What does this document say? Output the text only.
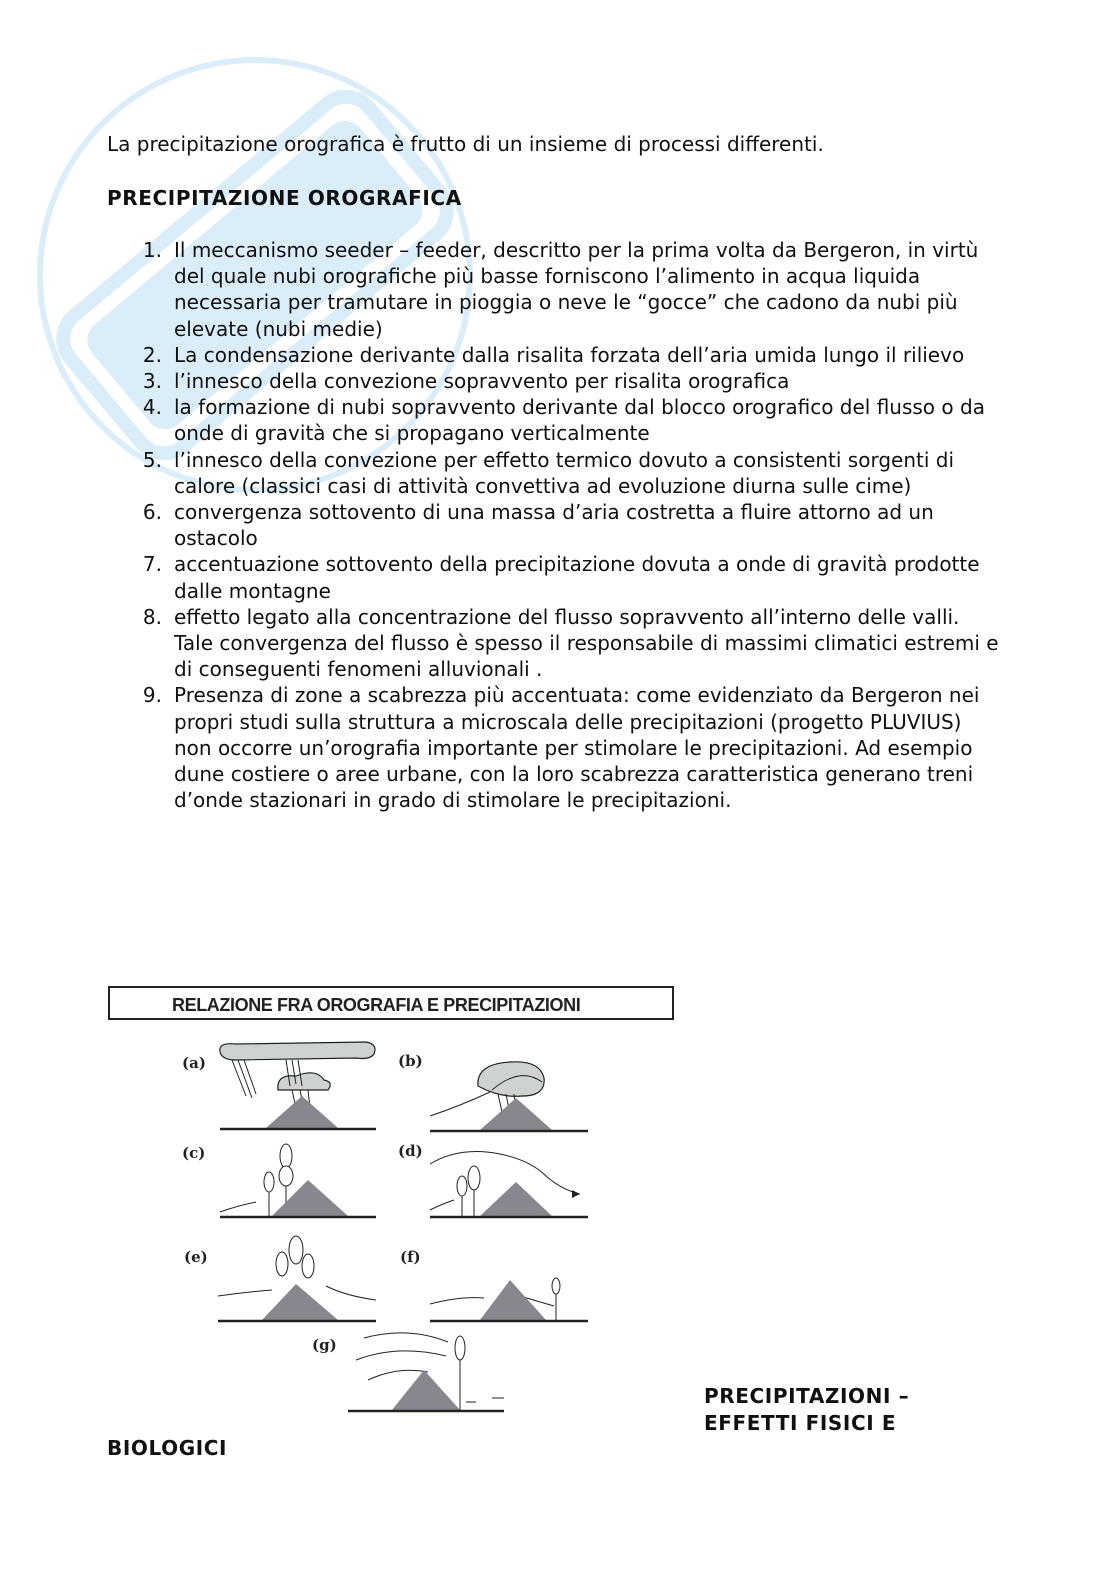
La precipitazione orografica è frutto di un insieme di processi differenti.

PRECIPITAZIONE OROGRAFICA
1. Il meccanismo seeder – feeder, descritto per la prima volta da Bergeron, in virtù del quale nubi orografiche più basse forniscono l’alimento in acqua liquida necessaria per tramutare in pioggia o neve le “gocce” che cadono da nubi più elevate (nubi medie)
2. La condensazione derivante dalla risalita forzata dell’aria umida lungo il rilievo
3. l’innesco della convezione sopravvento per risalita orografica
4. la formazione di nubi sopravvento derivante dal blocco orografico del flusso o da onde di gravità che si propagano verticalmente
5. l’innesco della convezione per effetto termico dovuto a consistenti sorgenti di calore (classici casi di attività convettiva ad evoluzione diurna sulle cime)
6. convergenza sottovento di una massa d’aria costretta a fluire attorno ad un ostacolo
7. accentuazione sottovento della precipitazione dovuta a onde di gravità prodotte dalle montagne
8. effetto legato alla concentrazione del flusso sopravvento all’interno delle valli. Tale convergenza del flusso è spesso il responsabile di massimi climatici estremi e di conseguenti fenomeni alluvionali .
9. Presenza di zone a scabrezza più accentuata: come evidenziato da Bergeron nei propri studi sulla struttura a microscala delle precipitazioni (progetto PLUVIUS) non occorre un’orografia importante per stimolare le precipitazioni. Ad esempio dune costiere o aree urbane, con la loro scabrezza caratteristica generano treni d’onde stazionari in grado di stimolare le precipitazioni.
RELAZIONE FRA OROGRAFIA E PRECIPITAZIONI
(a)	(b)
(c)	(d)
(e)	(f)
(g)
PRECIPITAZIONI – EFFETTI FISICI E
BIOLOGICI
